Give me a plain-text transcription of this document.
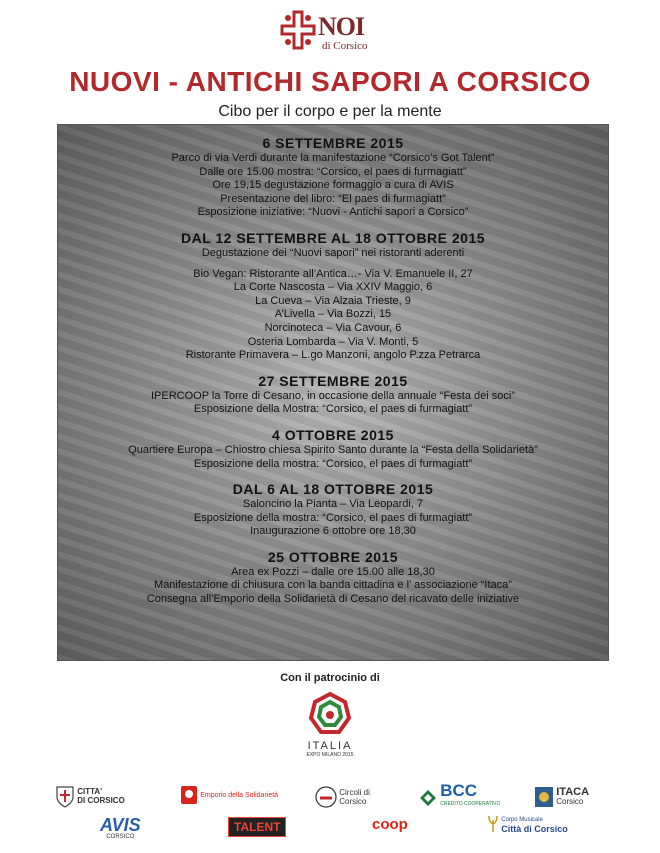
NOI
di Corsico
NUOVI - ANTICHI SAPORI A CORSICO
Cibo per il corpo e per la mente
6 SETTEMBRE 2015
Parco di via Verdi durante la manifestazione “Corsico’s Got Talent”
Dalle ore 15.00 mostra: “Corsico, el paes di furmagiatt”
Ore 19,15 degustazione formaggio a cura di AVIS
Presentazione del libro: “El paes di furmagiatt”
Esposizione iniziative: “Nuovi - Antichi sapori a Corsico”
DAL 12 SETTEMBRE AL 18 OTTOBRE 2015
Degustazione dei “Nuovi sapori” nei ristoranti aderenti
Bio Vegan: Ristorante all’Antica…- Via V. Emanuele II, 27
La Corte Nascosta – Via XXIV Maggio, 6
La Cueva – Via Alzaia Trieste, 9
A’Livella – Via Bozzi, 15
Norcinoteca – Via Cavour, 6
Osteria Lombarda – Via V. Monti, 5
Ristorante Primavera – L.go Manzoni, angolo P.zza Petrarca
27 SETTEMBRE 2015
IPERCOOP la Torre di Cesano, in occasione della annuale “Festa dei soci”
Esposizione della Mostra: “Corsico, el paes di furmagiatt”
4 OTTOBRE 2015
Quartiere Europa – Chiostro chiesa Spirito Santo durante la “Festa della Solidarietà”
Esposizione della mostra: “Corsico, el paes di furmagiatt”
DAL 6 AL 18 OTTOBRE 2015
Saloncino la Pianta – Via Leopardi, 7
Esposizione della mostra: “Corsico, el paes di furmagiatt”
Inaugurazione 6 ottobre ore 18,30
25 OTTOBRE 2015
Area ex Pozzi – dalle ore 15.00 alle 18,30
Manifestazione di chiusura con la banda cittadina e l’ associazione “Itaca”
Consegna all’Emporio della Solidarietà di Cesano del ricavato delle iniziative
Con il patrocinio di
ITALIA
EXPO MILANO 2015
CITTA'
DI CORSICO
Emporio della Solidarietà	Circoli di
Corsico
BCC
CREDITO COOPERATIVO
ITACA
Corsico
AVIS
CORSICO
TALENT	coop	Corpo Musicale
Città di Corsico
